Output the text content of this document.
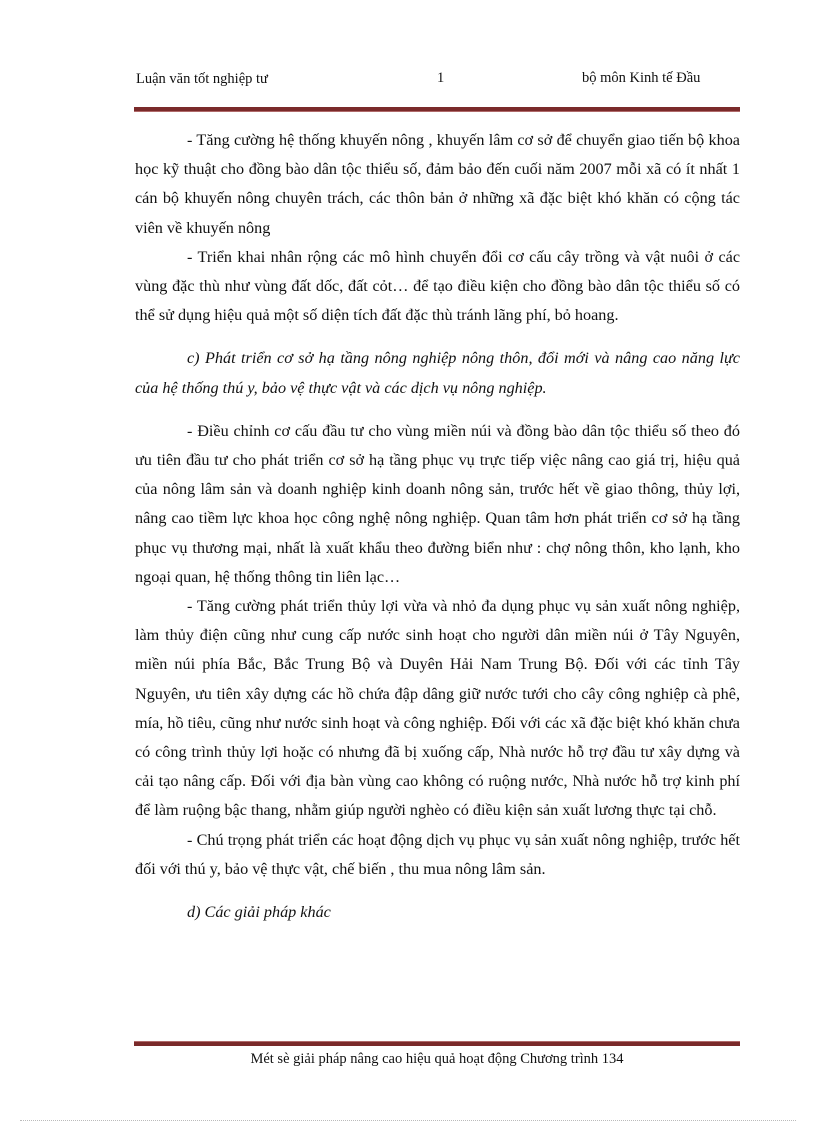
Luận văn tốt nghiệp tư	1	bộ môn Kinh tế Đầu

- Tăng cường hệ thống khuyến nông , khuyến lâm cơ sở để chuyển giao tiến bộ khoa học kỹ thuật cho đồng bào dân tộc thiểu số, đảm bảo đến cuối năm 2007 mỗi xã có ít nhất 1 cán bộ khuyến nông chuyên trách, các thôn bản ở những xã đặc biệt khó khăn có cộng tác viên về khuyến nông

- Triển khai nhân rộng các mô hình chuyển đổi cơ cấu cây trồng và vật nuôi ở các vùng đặc thù như vùng đất dốc, đất cỏt… để tạo điều kiện cho đồng bào dân tộc thiểu số có thể sử dụng hiệu quả một số diện tích đất đặc thù tránh lãng phí, bỏ hoang.

c) Phát triển cơ sở hạ tầng nông nghiệp nông thôn, đổi mới và nâng cao năng lực của hệ thống thú y, bảo vệ thực vật và các dịch vụ nông nghiệp.

- Điều chỉnh cơ cấu đầu tư cho vùng miền núi và đồng bào dân tộc thiểu số theo đó ưu tiên đầu tư cho phát triển cơ sở hạ tầng phục vụ trực tiếp việc nâng cao giá trị, hiệu quả của nông lâm sản và doanh nghiệp kinh doanh nông sản, trước hết về giao thông, thủy lợi, nâng cao tiềm lực khoa học công nghệ nông nghiệp. Quan tâm hơn phát triển cơ sở hạ tầng phục vụ thương mại, nhất là xuất khẩu theo đường biển như : chợ nông thôn, kho lạnh, kho ngoại quan, hệ thống thông tin liên lạc…

- Tăng cường phát triển thủy lợi vừa và nhỏ đa dụng phục vụ sản xuất nông nghiệp, làm thủy điện cũng như cung cấp nước sinh hoạt cho người dân miền núi ở Tây Nguyên, miền núi phía Bắc, Bắc Trung Bộ và Duyên Hải Nam Trung Bộ. Đối với các tỉnh Tây Nguyên, ưu tiên xây dựng các hồ chứa đập dâng giữ nước tưới cho cây công nghiệp cà phê, mía, hồ tiêu, cũng như nước sinh hoạt và công nghiệp. Đối với các xã đặc biệt khó khăn chưa có công trình thủy lợi hoặc có nhưng đã bị xuống cấp, Nhà nước hỗ trợ đầu tư xây dựng và cải tạo nâng cấp. Đối với địa bàn vùng cao không có ruộng nước, Nhà nước hỗ trợ kinh phí để làm ruộng bậc thang, nhằm giúp người nghèo có điều kiện sản xuất lương thực tại chỗ.

- Chú trọng phát triển các hoạt động dịch vụ phục vụ sản xuất nông nghiệp, trước hết đối với thú y, bảo vệ thực vật, chế biến , thu mua nông lâm sản.

d) Các giải pháp khác

Mét sè giải pháp nâng cao hiệu quả hoạt động Chương trình 134
